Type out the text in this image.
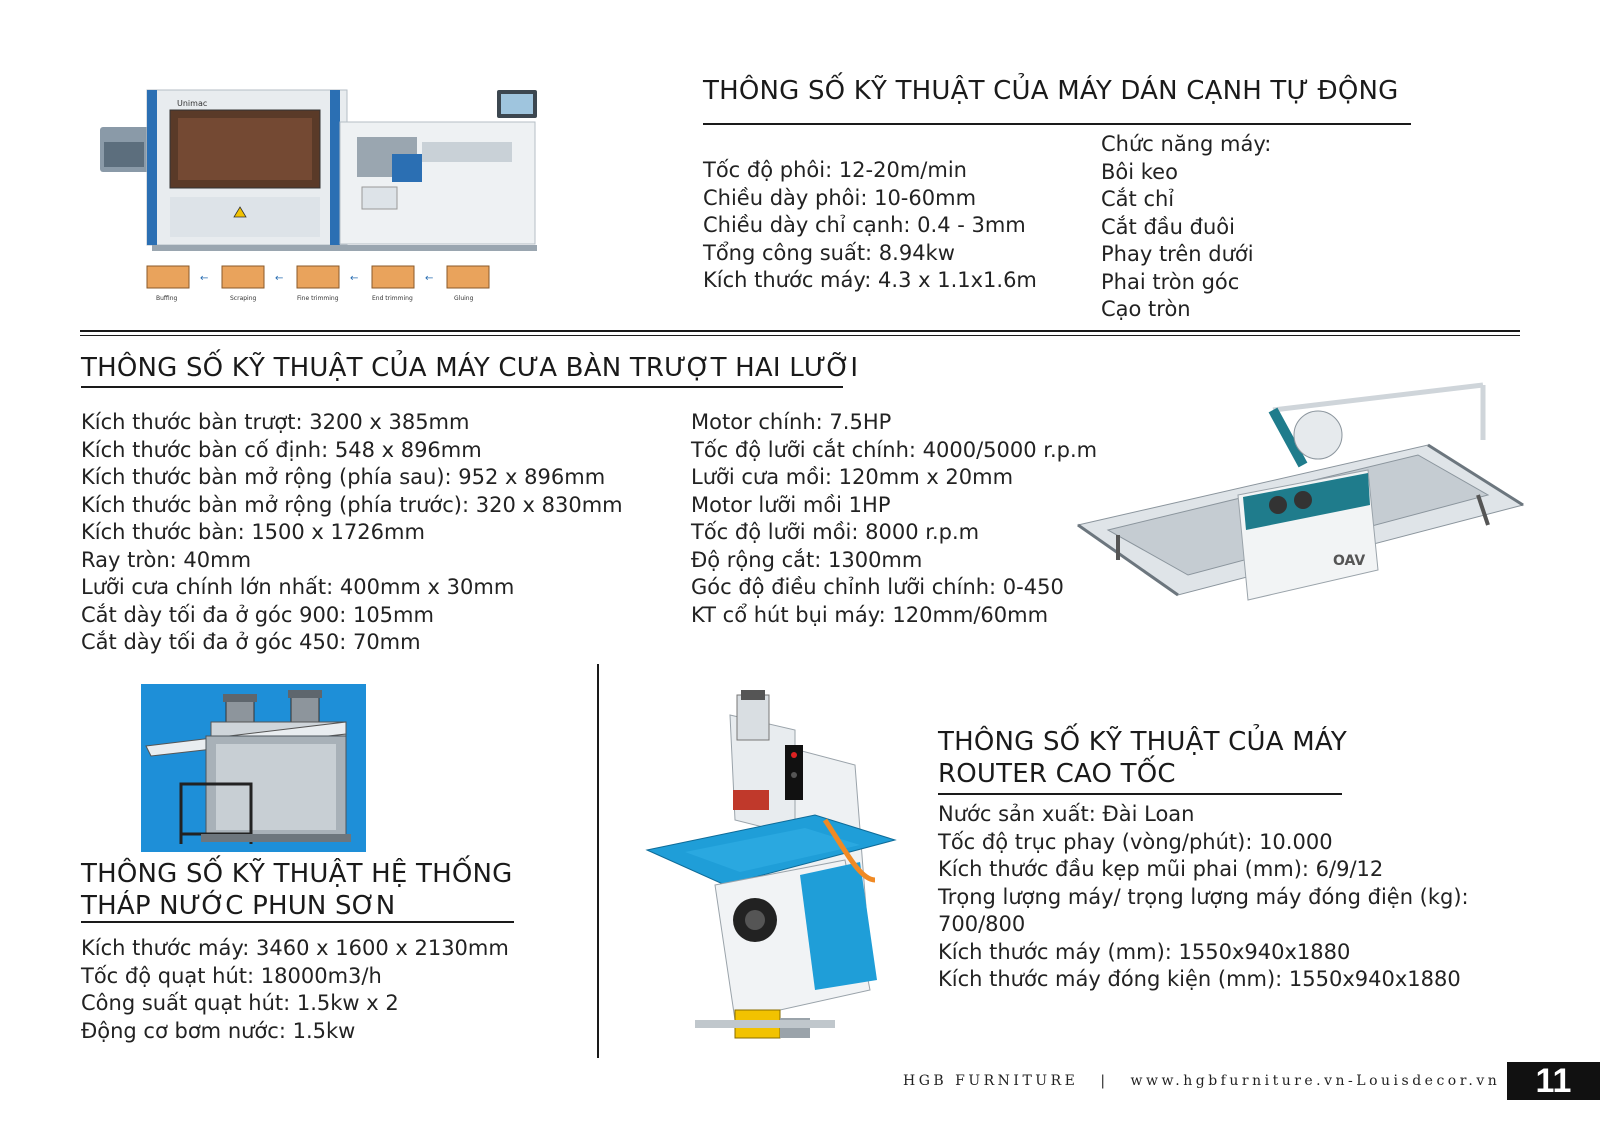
Unimac
←	←	←	←
Buffing	Scraping	Fine trimming	End trimming	Gluing
THÔNG SỐ KỸ THUẬT CỦA MÁY DÁN CẠNH TỰ ĐỘNG
Tốc độ phôi: 12-20m/min
Chiều dày phôi: 10-60mm
Chiều dày chỉ cạnh: 0.4 - 3mm
Tổng công suất: 8.94kw
Kích thước máy: 4.3 x 1.1x1.6m
Chức năng máy:
Bôi keo
Cắt chỉ
Cắt đầu đuôi
Phay trên dưới
Phai tròn góc
Cạo tròn
THÔNG SỐ KỸ THUẬT CỦA MÁY CƯA BÀN TRƯỢT HAI LƯỠI
Kích thước bàn trượt: 3200 x 385mm
Kích thước bàn cố định: 548 x 896mm
Kích thước bàn mở rộng (phía sau): 952 x 896mm
Kích thước bàn mở rộng (phía trước): 320 x 830mm
Kích thước bàn: 1500 x 1726mm
Ray tròn: 40mm
Lưỡi cưa chính lớn nhất: 400mm x 30mm
Cắt dày tối đa ở góc 900: 105mm
Cắt dày tối đa ở góc 450: 70mm
Motor chính: 7.5HP
Tốc độ lưỡi cắt chính: 4000/5000 r.p.m
Lưỡi cưa mồi: 120mm x 20mm
Motor lưỡi mồi 1HP
Tốc độ lưỡi mồi: 8000 r.p.m
Độ rộng cắt: 1300mm
Góc độ điều chỉnh lưỡi chính: 0-450
KT cổ hút bụi máy: 120mm/60mm
OAV
THÔNG SỐ KỸ THUẬT HỆ THỐNG
THÁP NƯỚC PHUN SƠN
Kích thước máy: 3460 x 1600 x 2130mm
Tốc độ quạt hút: 18000m3/h
Công suất quạt hút: 1.5kw x 2
Động cơ bơm nước: 1.5kw
THÔNG SỐ KỸ THUẬT CỦA MÁY
ROUTER CAO TỐC
Nước sản xuất: Đài Loan
Tốc độ trục phay (vòng/phút): 10.000
Kích thước đầu kẹp mũi phai (mm): 6/9/12
Trọng lượng máy/ trọng lượng máy đóng điện (kg):
700/800
Kích thước máy (mm): 1550x940x1880
Kích thước máy đóng kiện (mm): 1550x940x1880
HGB FURNITURE | www.hgbfurniture.vn-Louisdecor.vn	11
